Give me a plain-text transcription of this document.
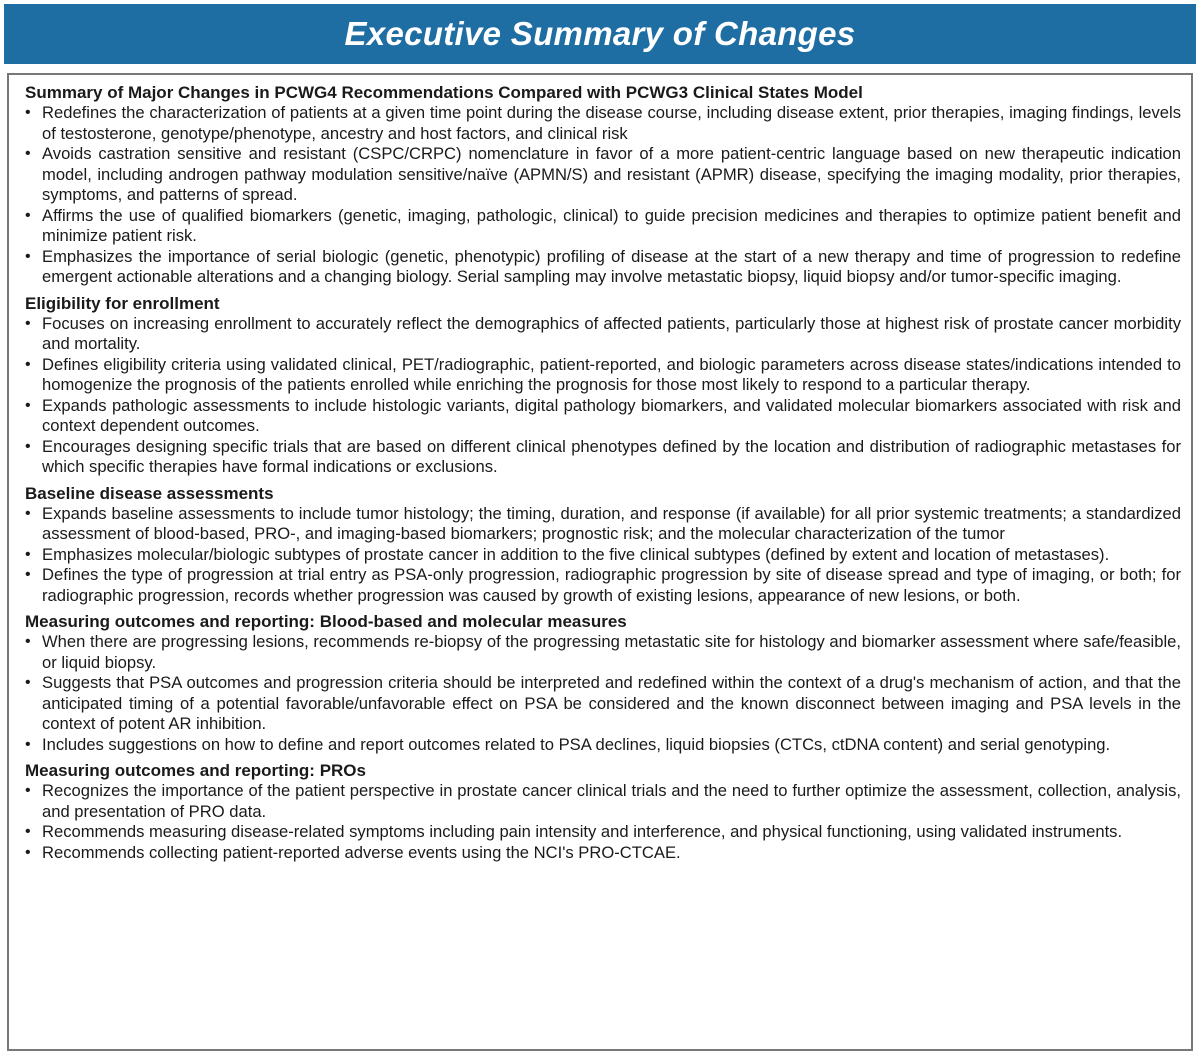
Executive Summary of Changes
Summary of Major Changes in PCWG4 Recommendations Compared with PCWG3 Clinical States Model
• Redefines the characterization of patients at a given time point during the disease course, including disease extent, prior therapies, imaging findings, levels of testosterone, genotype/phenotype, ancestry and host factors, and clinical risk
• Avoids castration sensitive and resistant (CSPC/CRPC) nomenclature in favor of a more patient-centric language based on new therapeutic indication model, including androgen pathway modulation sensitive/naïve (APMN/S) and resistant (APMR) disease, specifying the imaging modality, prior therapies, symptoms, and patterns of spread.
• Affirms the use of qualified biomarkers (genetic, imaging, pathologic, clinical) to guide precision medicines and therapies to optimize patient benefit and minimize patient risk.
• Emphasizes the importance of serial biologic (genetic, phenotypic) profiling of disease at the start of a new therapy and time of progression to redefine emergent actionable alterations and a changing biology. Serial sampling may involve metastatic biopsy, liquid biopsy and/or tumor-specific imaging.
Eligibility for enrollment
• Focuses on increasing enrollment to accurately reflect the demographics of affected patients, particularly those at highest risk of prostate cancer morbidity and mortality.
• Defines eligibility criteria using validated clinical, PET/radiographic, patient-reported, and biologic parameters across disease states/indications intended to homogenize the prognosis of the patients enrolled while enriching the prognosis for those most likely to respond to a particular therapy.
• Expands pathologic assessments to include histologic variants, digital pathology biomarkers, and validated molecular biomarkers associated with risk and context dependent outcomes.
• Encourages designing specific trials that are based on different clinical phenotypes defined by the location and distribution of radiographic metastases for which specific therapies have formal indications or exclusions.
Baseline disease assessments
• Expands baseline assessments to include tumor histology; the timing, duration, and response (if available) for all prior systemic treatments; a standardized assessment of blood-based, PRO-, and imaging-based biomarkers; prognostic risk; and the molecular characterization of the tumor
• Emphasizes molecular/biologic subtypes of prostate cancer in addition to the five clinical subtypes (defined by extent and location of metastases).
• Defines the type of progression at trial entry as PSA-only progression, radiographic progression by site of disease spread and type of imaging, or both; for radiographic progression, records whether progression was caused by growth of existing lesions, appearance of new lesions, or both.
Measuring outcomes and reporting: Blood-based and molecular measures
• When there are progressing lesions, recommends re-biopsy of the progressing metastatic site for histology and biomarker assessment where safe/feasible, or liquid biopsy.
• Suggests that PSA outcomes and progression criteria should be interpreted and redefined within the context of a drug's mechanism of action, and that the anticipated timing of a potential favorable/unfavorable effect on PSA be considered and the known disconnect between imaging and PSA levels in the context of potent AR inhibition.
• Includes suggestions on how to define and report outcomes related to PSA declines, liquid biopsies (CTCs, ctDNA content) and serial genotyping.
Measuring outcomes and reporting: PROs
• Recognizes the importance of the patient perspective in prostate cancer clinical trials and the need to further optimize the assessment, collection, analysis, and presentation of PRO data.
• Recommends measuring disease-related symptoms including pain intensity and interference, and physical functioning, using validated instruments.
• Recommends collecting patient-reported adverse events using the NCI's PRO-CTCAE.
